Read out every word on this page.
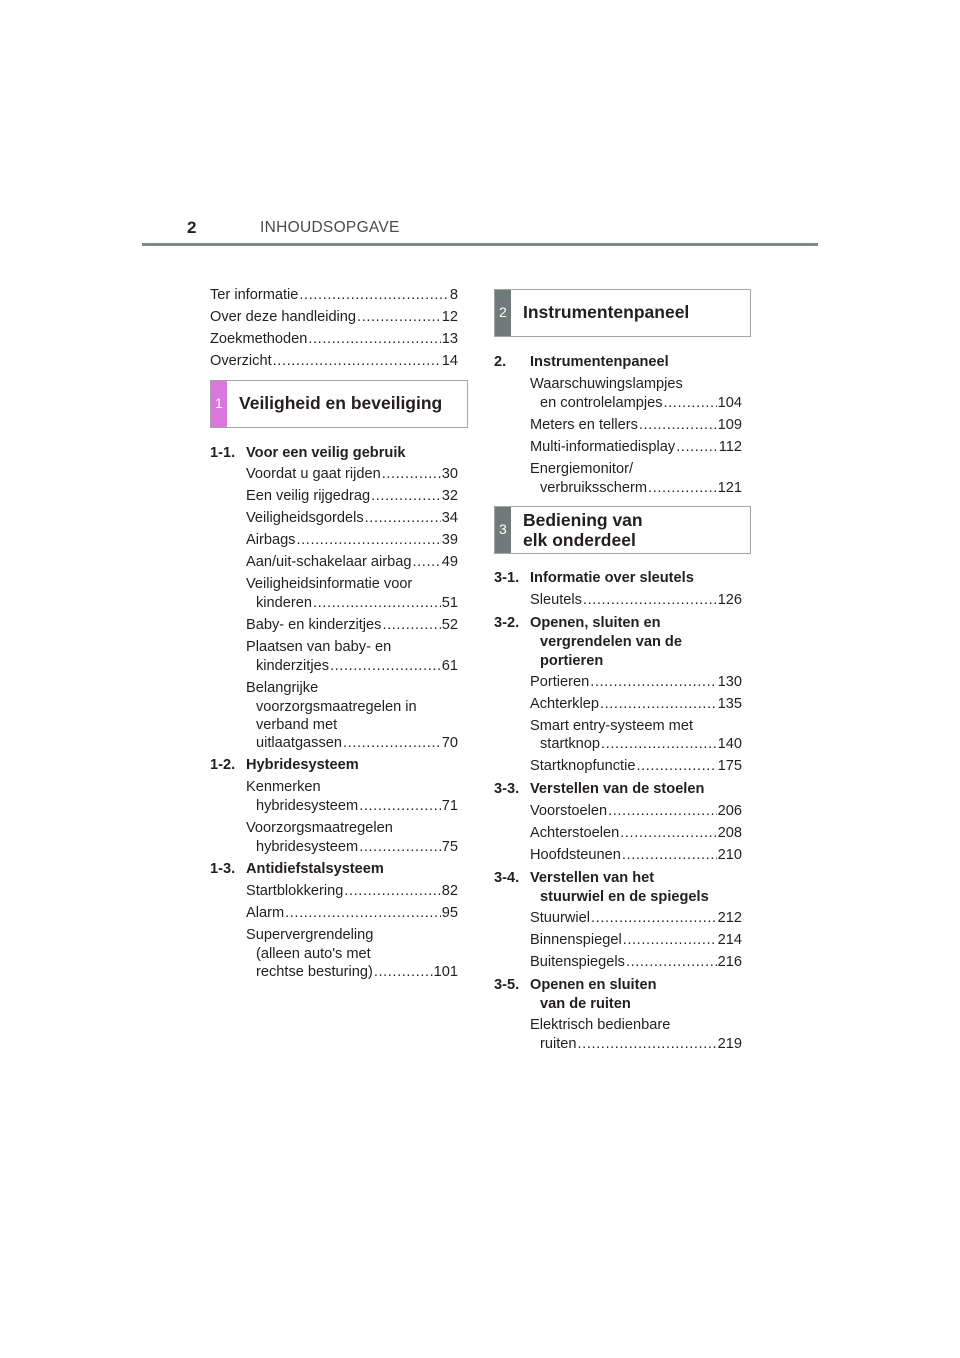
2	INHOUDSOPGAVE
Ter informatie .....	8
Over deze handleiding .....	12
Zoekmethoden .....	13
Overzicht .....	14
1 Veiligheid en beveiliging
1-1. Voor een veilig gebruik
Voordat u gaat rijden .....	30
Een veilig rijgedrag .....	32
Veiligheidsgordels .....	34
Airbags .....	39
Aan/uit-schakelaar airbag ..... 49
Veiligheidsinformatie voor
kinderen .....	51
Baby- en kinderzitjes .....	52
Plaatsen van baby- en
kinderzitjes .....	61
Belangrijke
voorzorgsmaatregelen in
verband met
uitlaatgassen .....	70
1-2. Hybridesysteem
Kenmerken
hybridesysteem .....	71
Voorzorgsmaatregelen
hybridesysteem .....	75
1-3. Antidiefstalsysteem
Startblokkering .....	82
Alarm .....	95
Supervergrendeling
(alleen auto's met
rechtse besturing) .....	101
2 Instrumentenpaneel
2. Instrumentenpaneel
Waarschuwingslampjes
en controlelampjes .....	104
Meters en tellers .....	109
Multi-informatiedisplay .....	112
Energiemonitor/
verbruiksscherm .....	121
3 Bediening van
elk onderdeel
3-1. Informatie over sleutels
Sleutels .....	126
3-2. Openen, sluiten en
vergrendelen van de
portieren
Portieren .....	130
Achterklep .....	135
Smart entry-systeem met
startknop .....	140
Startknopfunctie .....	175
3-3. Verstellen van de stoelen
Voorstoelen .....	206
Achterstoelen .....	208
Hoofdsteunen .....	210
3-4. Verstellen van het
stuurwiel en de spiegels
Stuurwiel .....	212
Binnenspiegel .....	214
Buitenspiegels .....	216
3-5. Openen en sluiten
van de ruiten
Elektrisch bedienbare
ruiten .....	219
